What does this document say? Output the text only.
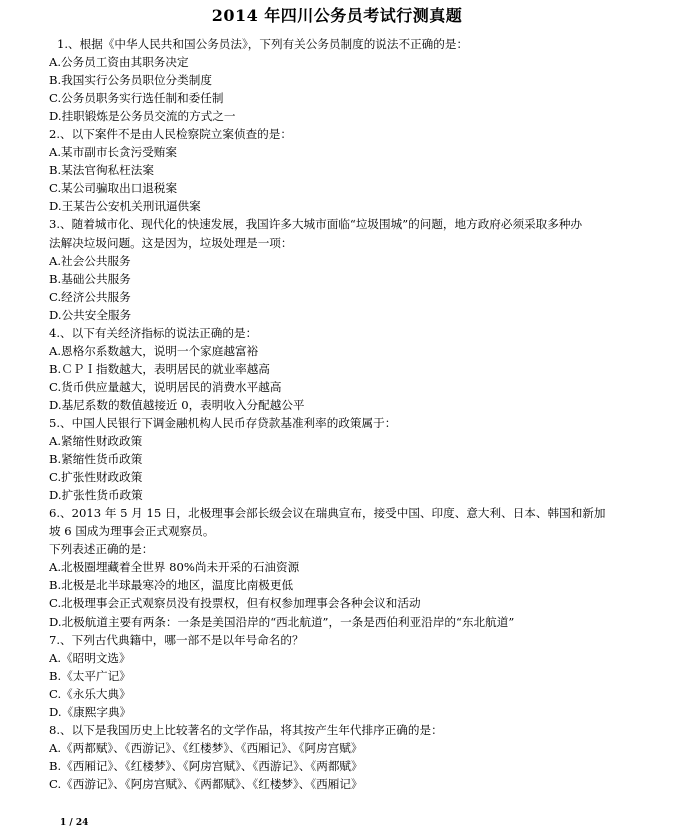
2014 年四川公务员考试行测真题
1.、根据《中华人民共和国公务员法》，下列有关公务员制度的说法不正确的是：
A.公务员工资由其职务决定
B.我国实行公务员职位分类制度
C.公务员职务实行选任制和委任制
D.挂职锻炼是公务员交流的方式之一
2.、以下案件不是由人民检察院立案侦查的是：
A.某市副市长贪污受贿案
B.某法官徇私枉法案
C.某公司骗取出口退税案
D.王某告公安机关刑讯逼供案
3.、随着城市化、现代化的快速发展，我国许多大城市面临“垃圾围城”的问题，地方政府必须采取多种办
法解决垃圾问题。这是因为，垃圾处理是一项：
A.社会公共服务
B.基础公共服务
C.经济公共服务
D.公共安全服务
4.、以下有关经济指标的说法正确的是：
A.恩格尔系数越大，说明一个家庭越富裕
B.ＣＰＩ指数越大，表明居民的就业率越高
C.货币供应量越大，说明居民的消费水平越高
D.基尼系数的数值越接近 0，表明收入分配越公平
5.、中国人民银行下调金融机构人民币存贷款基准利率的政策属于：
A.紧缩性财政政策
B.紧缩性货币政策
C.扩张性财政政策
D.扩张性货币政策
6.、2013 年 5 月 15 日，北极理事会部长级会议在瑞典宣布，接受中国、印度、意大利、日本、韩国和新加
坡 6 国成为理事会正式观察员。
下列表述正确的是：
A.北极圈埋藏着全世界 80%尚未开采的石油资源
B.北极是北半球最寒冷的地区，温度比南极更低
C.北极理事会正式观察员没有投票权，但有权参加理事会各种会议和活动
D.北极航道主要有两条：一条是美国沿岸的“西北航道”，一条是西伯利亚沿岸的“东北航道”
7.、下列古代典籍中，哪一部不是以年号命名的？
A.《昭明文选》
B.《太平广记》
C.《永乐大典》
D.《康熙字典》
8.、以下是我国历史上比较著名的文学作品，将其按产生年代排序正确的是：
A.《两都赋》、《西游记》、《红楼梦》、《西厢记》、《阿房宫赋》
B.《西厢记》、《红楼梦》、《阿房宫赋》、《西游记》、《两都赋》
C.《西游记》、《阿房宫赋》、《两都赋》、《红楼梦》、《西厢记》
1 / 24
